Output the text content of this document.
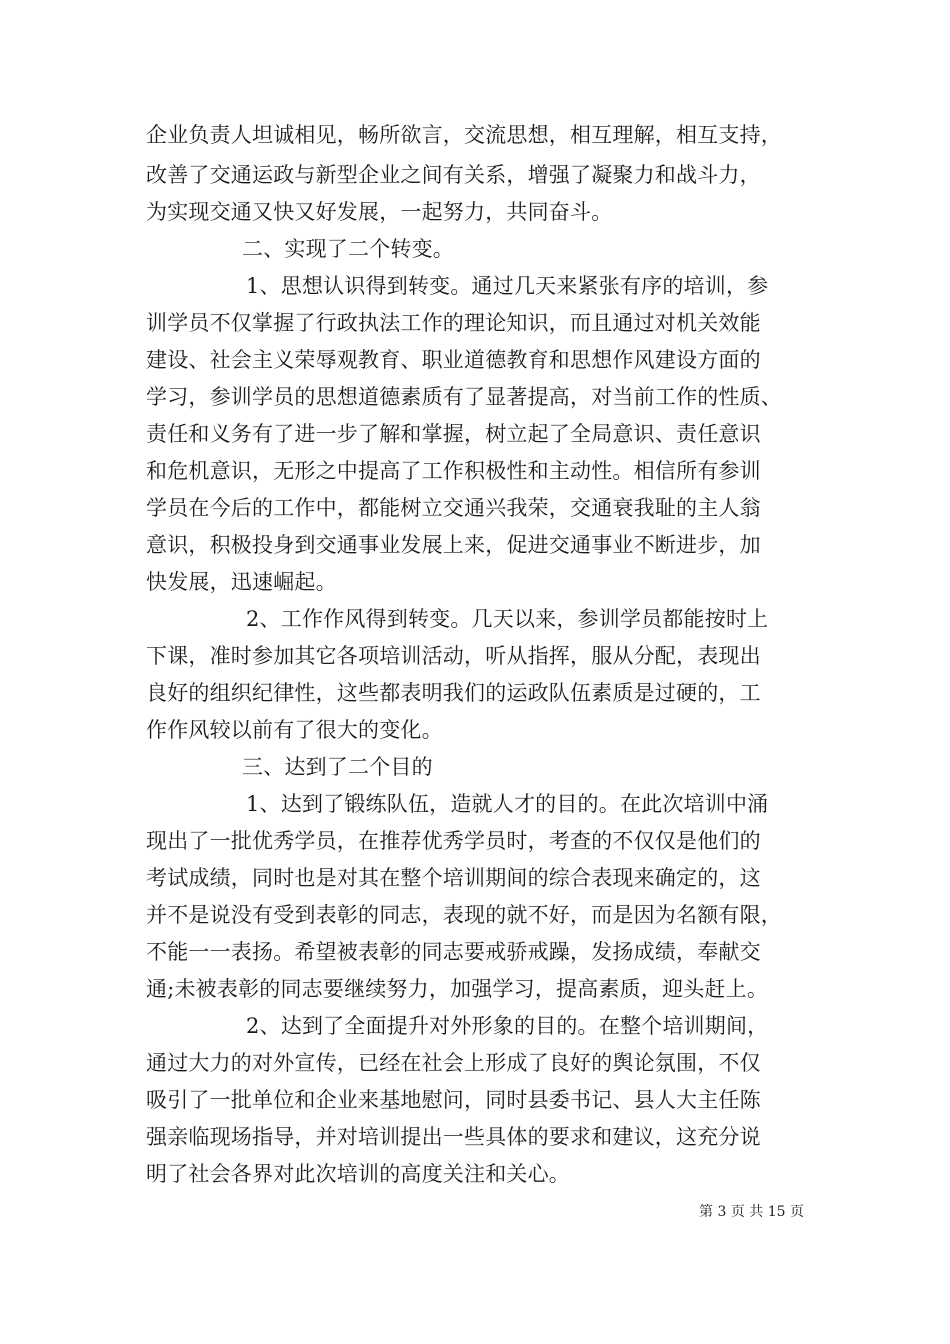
企业负责人坦诚相见，畅所欲言，交流思想，相互理解，相互支持，
改善了交通运政与新型企业之间有关系，增强了凝聚力和战斗力，
为实现交通又快又好发展，一起努力，共同奋斗。
二、实现了二个转变。
1、思想认识得到转变。通过几天来紧张有序的培训，参
训学员不仅掌握了行政执法工作的理论知识，而且通过对机关效能
建设、社会主义荣辱观教育、职业道德教育和思想作风建设方面的
学习，参训学员的思想道德素质有了显著提高，对当前工作的性质、
责任和义务有了进一步了解和掌握，树立起了全局意识、责任意识
和危机意识，无形之中提高了工作积极性和主动性。相信所有参训
学员在今后的工作中，都能树立交通兴我荣，交通衰我耻的主人翁
意识，积极投身到交通事业发展上来，促进交通事业不断进步，加
快发展，迅速崛起。
2、工作作风得到转变。几天以来，参训学员都能按时上
下课，准时参加其它各项培训活动，听从指挥，服从分配，表现出
良好的组织纪律性，这些都表明我们的运政队伍素质是过硬的，工
作作风较以前有了很大的变化。
三、达到了二个目的
1、达到了锻练队伍，造就人才的目的。在此次培训中涌
现出了一批优秀学员，在推荐优秀学员时，考查的不仅仅是他们的
考试成绩，同时也是对其在整个培训期间的综合表现来确定的，这
并不是说没有受到表彰的同志，表现的就不好，而是因为名额有限，
不能一一表扬。希望被表彰的同志要戒骄戒躁，发扬成绩，奉献交
通;未被表彰的同志要继续努力，加强学习，提高素质，迎头赶上。
2、达到了全面提升对外形象的目的。在整个培训期间，
通过大力的对外宣传，已经在社会上形成了良好的舆论氛围，不仅
吸引了一批单位和企业来基地慰问，同时县委书记、县人大主任陈
强亲临现场指导，并对培训提出一些具体的要求和建议，这充分说
明了社会各界对此次培训的高度关注和关心。
第 3 页 共 15 页
